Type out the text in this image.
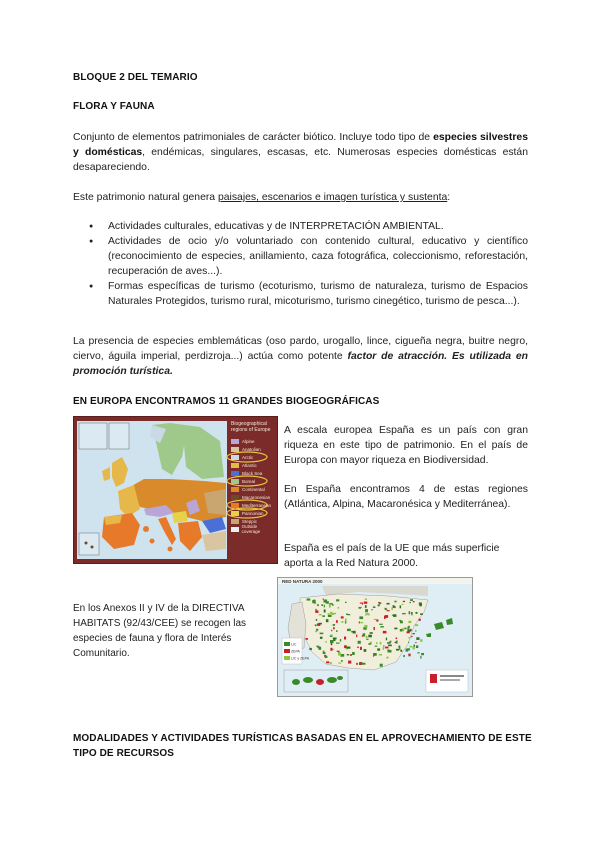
BLOQUE 2 DEL TEMARIO
FLORA Y FAUNA
Conjunto de elementos patrimoniales de carácter biótico. Incluye todo tipo de especies silvestres y domésticas, endémicas, singulares, escasas, etc. Numerosas especies domésticas están desapareciendo.
Este patrimonio natural genera paisajes, escenarios e imagen turística y sustenta:
● Actividades culturales, educativas y de INTERPRETACIÓN AMBIENTAL.
● Actividades de ocio y/o voluntariado con contenido cultural, educativo y científico (reconocimiento de especies, anillamiento, caza fotográfica, coleccionismo, reforestación, recuperación de aves...).
● Formas específicas de turismo (ecoturismo, turismo de naturaleza, turismo de Espacios Naturales Protegidos, turismo rural, micoturismo, turismo cinegético, turismo de pesca...).
La presencia de especies emblemáticas (oso pardo, urogallo, lince, cigueña negra, buitre negro, ciervo, águila imperial, perdizroja...) actúa como potente factor de atracción. Es utilizada en promoción turística.
EN EUROPA ENCONTRAMOS 11 GRANDES BIOGEOGRÁFICAS
Biogeographical regions of Europe
Alpine
Anatolian
Arctic
Atlantic
Black Sea
Boreal
Continental
Macaronesian
Mediterranean
Pannonian
Steppic
Outside coverage
A escala europea España es un país con gran riqueza en este tipo de patrimonio. En el país de Europa con mayor riqueza en Biodiversidad.
En España encontramos 4 de estas regiones (Atlántica, Alpina, Macaronésica y Mediterránea).
España es el país de la UE que más superficie aporta a la Red Natura 2000.
RED NATURA 2000
LIC
ZEPA
LIC y ZEPA
En los Anexos II y IV de la DIRECTIVA HABITATS (92/43/CEE) se recogen las especies de fauna y flora de Interés Comunitario.
MODALIDADES Y ACTIVIDADES TURÍSTICAS BASADAS EN EL APROVECHAMIENTO DE ESTE TIPO DE RECURSOS
